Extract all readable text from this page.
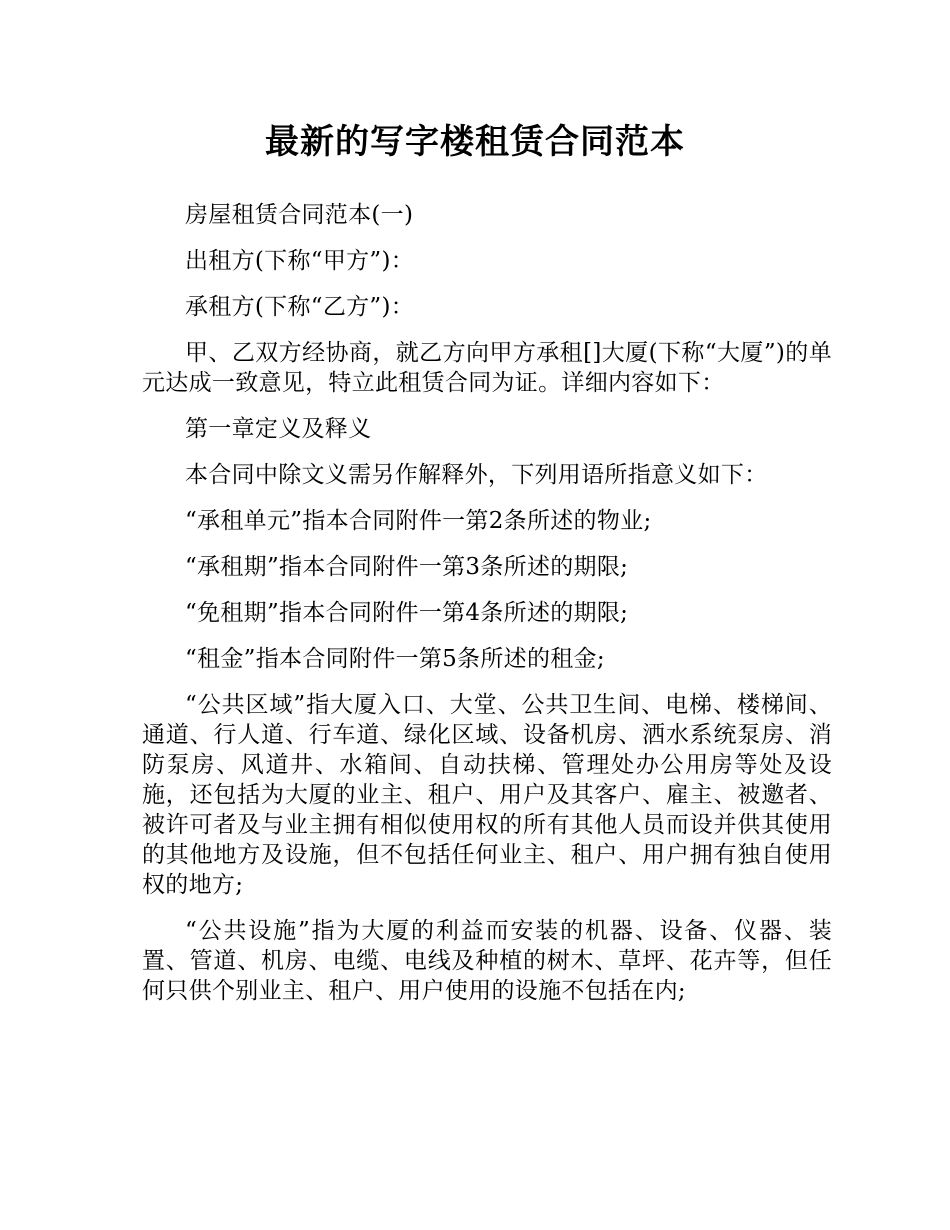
最新的写字楼租赁合同范本

房屋租赁合同范本(一)

出租方(下称“甲方”)：

承租方(下称“乙方”)：

甲、乙双方经协商，就乙方向甲方承租[]大厦(下称“大厦”)的单元达成一致意见，特立此租赁合同为证。详细内容如下：

第一章定义及释义

本合同中除文义需另作解释外，下列用语所指意义如下：

“承租单元”指本合同附件一第2条所述的物业;

“承租期”指本合同附件一第3条所述的期限;

“免租期”指本合同附件一第4条所述的期限;

“租金”指本合同附件一第5条所述的租金;

“公共区域”指大厦入口、大堂、公共卫生间、电梯、楼梯间、通道、行人道、行车道、绿化区域、设备机房、洒水系统泵房、消防泵房、风道井、水箱间、自动扶梯、管理处办公用房等处及设施，还包括为大厦的业主、租户、用户及其客户、雇主、被邀者、被许可者及与业主拥有相似使用权的所有其他人员而设并供其使用的其他地方及设施，但不包括任何业主、租户、用户拥有独自使用权的地方;

“公共设施”指为大厦的利益而安装的机器、设备、仪器、装置、管道、机房、电缆、电线及种植的树木、草坪、花卉等，但任何只供个别业主、租户、用户使用的设施不包括在内;
